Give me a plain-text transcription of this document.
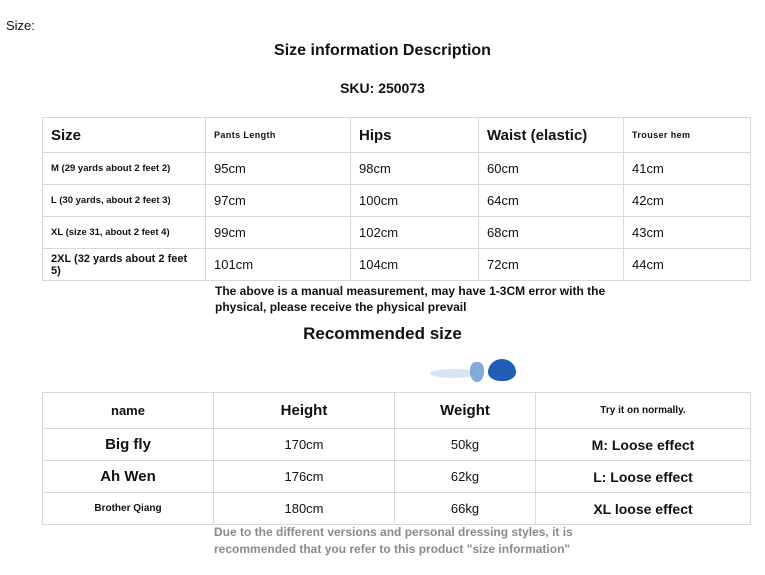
Size:
Size information Description
SKU: 250073
Size	Pants Length	Hips	Waist (elastic)	Trouser hem
M (29 yards about 2 feet 2)	95cm	98cm	60cm	41cm
L (30 yards, about 2 feet 3)	97cm	100cm	64cm	42cm
XL (size 31, about 2 feet 4)	99cm	102cm	68cm	43cm
2XL (32 yards about 2 feet 5)	101cm	104cm	72cm	44cm
The above is a manual measurement, may have 1-3CM error with the physical, please receive the physical prevail
Recommended size
name	Height	Weight	Try it on normally.
Big fly	170cm	50kg	M: Loose effect
Ah Wen	176cm	62kg	L: Loose effect
Brother Qiang	180cm	66kg	XL loose effect
Due to the different versions and personal dressing styles, it is recommended that you refer to this product "size information"
